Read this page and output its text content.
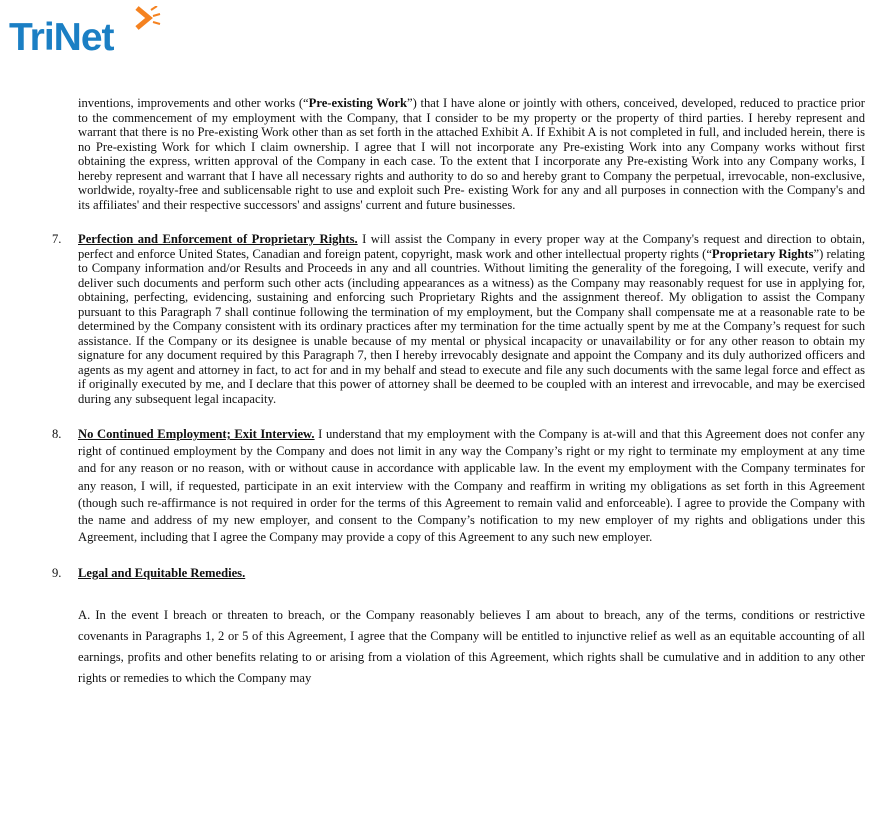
TriNet
inventions, improvements and other works (“Pre-existing Work”) that I have alone or jointly with others, conceived, developed, reduced to practice prior to the commencement of my employment with the Company, that I consider to be my property or the property of third parties. I hereby represent and warrant that there is no Pre-existing Work other than as set forth in the attached Exhibit A. If Exhibit A is not completed in full, and included herein, there is no Pre-existing Work for which I claim ownership. I agree that I will not incorporate any Pre-existing Work into any Company works without first obtaining the express, written approval of the Company in each case. To the extent that I incorporate any Pre-existing Work into any Company works, I hereby represent and warrant that I have all necessary rights and authority to do so and hereby grant to Company the perpetual, irrevocable, non-exclusive, worldwide, royalty-free and sublicensable right to use and exploit such Pre- existing Work for any and all purposes in connection with the Company's and its affiliates' and their respective successors' and assigns' current and future businesses.
7. Perfection and Enforcement of Proprietary Rights. I will assist the Company in every proper way at the Company's request and direction to obtain, perfect and enforce United States, Canadian and foreign patent, copyright, mask work and other intellectual property rights (“Proprietary Rights”) relating to Company information and/or Results and Proceeds in any and all countries. Without limiting the generality of the foregoing, I will execute, verify and deliver such documents and perform such other acts (including appearances as a witness) as the Company may reasonably request for use in applying for, obtaining, perfecting, evidencing, sustaining and enforcing such Proprietary Rights and the assignment thereof. My obligation to assist the Company pursuant to this Paragraph 7 shall continue following the termination of my employment, but the Company shall compensate me at a reasonable rate to be determined by the Company consistent with its ordinary practices after my termination for the time actually spent by me at the Company’s request for such assistance. If the Company or its designee is unable because of my mental or physical incapacity or unavailability or for any other reason to obtain my signature for any document required by this Paragraph 7, then I hereby irrevocably designate and appoint the Company and its duly authorized officers and agents as my agent and attorney in fact, to act for and in my behalf and stead to execute and file any such documents with the same legal force and effect as if originally executed by me, and I declare that this power of attorney shall be deemed to be coupled with an interest and irrevocable, and may be exercised during any subsequent legal incapacity.
8. No Continued Employment; Exit Interview. I understand that my employment with the Company is at-will and that this Agreement does not confer any right of continued employment by the Company and does not limit in any way the Company’s right or my right to terminate my employment at any time and for any reason or no reason, with or without cause in accordance with applicable law. In the event my employment with the Company terminates for any reason, I will, if requested, participate in an exit interview with the Company and reaffirm in writing my obligations as set forth in this Agreement (though such re-affirmance is not required in order for the terms of this Agreement to remain valid and enforceable). I agree to provide the Company with the name and address of my new employer, and consent to the Company’s notification to my new employer of my rights and obligations under this Agreement, including that I agree the Company may provide a copy of this Agreement to any such new employer.
9. Legal and Equitable Remedies.
A. In the event I breach or threaten to breach, or the Company reasonably believes I am about to breach, any of the terms, conditions or restrictive covenants in Paragraphs 1, 2 or 5 of this Agreement, I agree that the Company will be entitled to injunctive relief as well as an equitable accounting of all earnings, profits and other benefits relating to or arising from a violation of this Agreement, which rights shall be cumulative and in addition to any other rights or remedies to which the Company may
